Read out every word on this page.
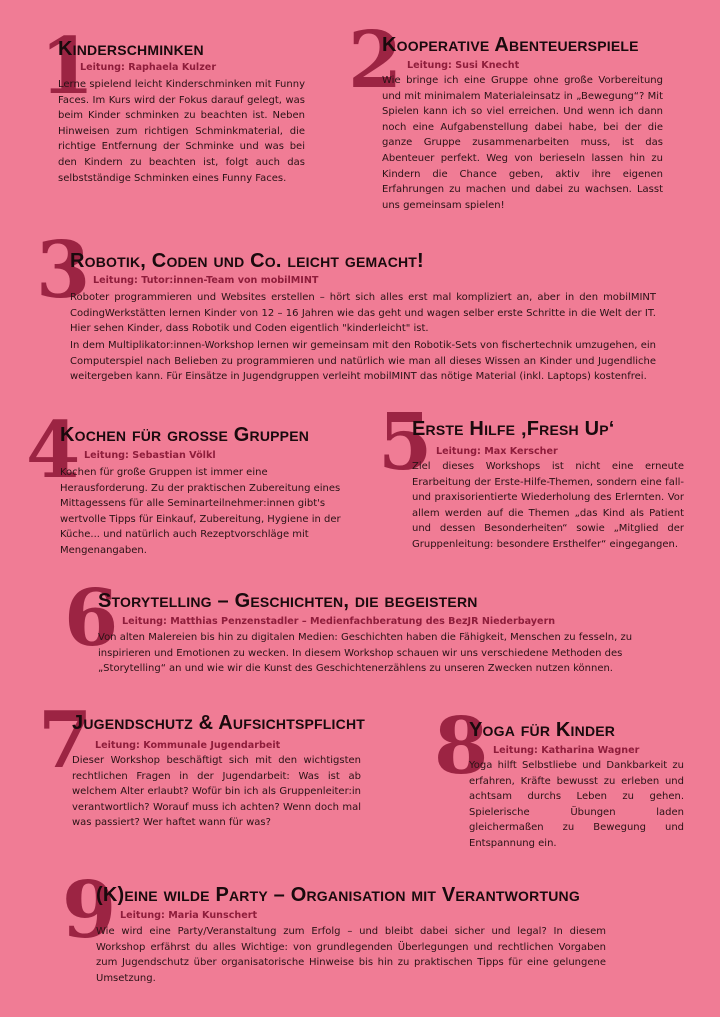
1
Kinderschminken
Leitung: Raphaela Kulzer

Lerne spielend leicht Kinderschminken mit Funny Faces. Im Kurs wird der Fokus darauf gelegt, was beim Kinder schminken zu beachten ist. Neben Hinweisen zum richtigen Schminkmaterial, die richtige Entfernung der Schminke und was bei den Kindern zu beachten ist, folgt auch das selbstständige Schminken eines Funny Faces.

2
Kooperative Abenteuerspiele
Leitung: Susi Knecht

Wie bringe ich eine Gruppe ohne große Vorbereitung und mit minimalem Materialeinsatz in „Bewegung“? Mit Spielen kann ich so viel erreichen. Und wenn ich dann noch eine Aufgabenstellung dabei habe, bei der die ganze Gruppe zusammenarbeiten muss, ist das Abenteuer perfekt. Weg von berieseln lassen hin zu Kindern die Chance geben, aktiv ihre eigenen Erfahrungen zu machen und dabei zu wachsen. Lasst uns gemeinsam spielen!

3
Robotik, Coden und Co. leicht gemacht!
Leitung: Tutor:innen-Team von mobilMINT

Roboter programmieren und Websites erstellen – hört sich alles erst mal kompliziert an, aber in den mobilMINT CodingWerkstätten lernen Kinder von 12 – 16 Jahren wie das geht und wagen selber erste Schritte in die Welt der IT. Hier sehen Kinder, dass Robotik und Coden eigentlich "kinderleicht" ist.

In dem Multiplikator:innen-Workshop lernen wir gemeinsam mit den Robotik-Sets von fischertechnik umzugehen, ein Computerspiel nach Belieben zu programmieren und natürlich wie man all dieses Wissen an Kinder und Jugendliche weitergeben kann. Für Einsätze in Jugendgruppen verleiht mobilMINT das nötige Material (inkl. Laptops) kostenfrei.

4
Kochen für große Gruppen
Leitung: Sebastian Völkl

Kochen für große Gruppen ist immer eine Herausforderung. Zu der praktischen Zubereitung eines Mittagessens für alle Seminarteilnehmer:innen gibt's wertvolle Tipps für Einkauf, Zubereitung, Hygiene in der Küche... und natürlich auch Rezeptvorschläge mit Mengenangaben.

5
Erste Hilfe ‚Fresh Up‘
Leitung: Max Kerscher

Ziel dieses Workshops ist nicht eine erneute Erarbeitung der Erste-Hilfe-Themen, sondern eine fall- und praxisorientierte Wiederholung des Erlernten. Vor allem werden auf die Themen „das Kind als Patient und dessen Besonderheiten“ sowie „Mitglied der Gruppenleitung: besondere Ersthelfer“ eingegangen.

6
Storytelling – Geschichten, die begeistern
Leitung: Matthias Penzenstadler – Medienfachberatung des BezJR Niederbayern

Von alten Malereien bis hin zu digitalen Medien: Geschichten haben die Fähigkeit, Menschen zu fesseln, zu inspirieren und Emotionen zu wecken. In diesem Workshop schauen wir uns verschiedene Methoden des „Storytelling“ an und wie wir die Kunst des Geschichtenerzählens zu unseren Zwecken nutzen können.

7
Jugendschutz & Aufsichtspflicht
Leitung: Kommunale Jugendarbeit

Dieser Workshop beschäftigt sich mit den wichtigsten rechtlichen Fragen in der Jugendarbeit: Was ist ab welchem Alter erlaubt? Wofür bin ich als Gruppenleiter:in verantwortlich? Worauf muss ich achten? Wenn doch mal was passiert? Wer haftet wann für was?

8
Yoga für Kinder
Leitung: Katharina Wagner

Yoga hilft Selbstliebe und Dankbarkeit zu erfahren, Kräfte bewusst zu erleben und achtsam durchs Leben zu gehen. Spielerische Übungen laden gleichermaßen zu Bewegung und Entspannung ein.

9
(K)eine wilde Party – Organisation mit Verantwortung
Leitung: Maria Kunschert

Wie wird eine Party/Veranstaltung zum Erfolg – und bleibt dabei sicher und legal? In diesem Workshop erfährst du alles Wichtige: von grundlegenden Überlegungen und rechtlichen Vorgaben zum Jugendschutz über organisatorische Hinweise bis hin zu praktischen Tipps für eine gelungene Umsetzung.
